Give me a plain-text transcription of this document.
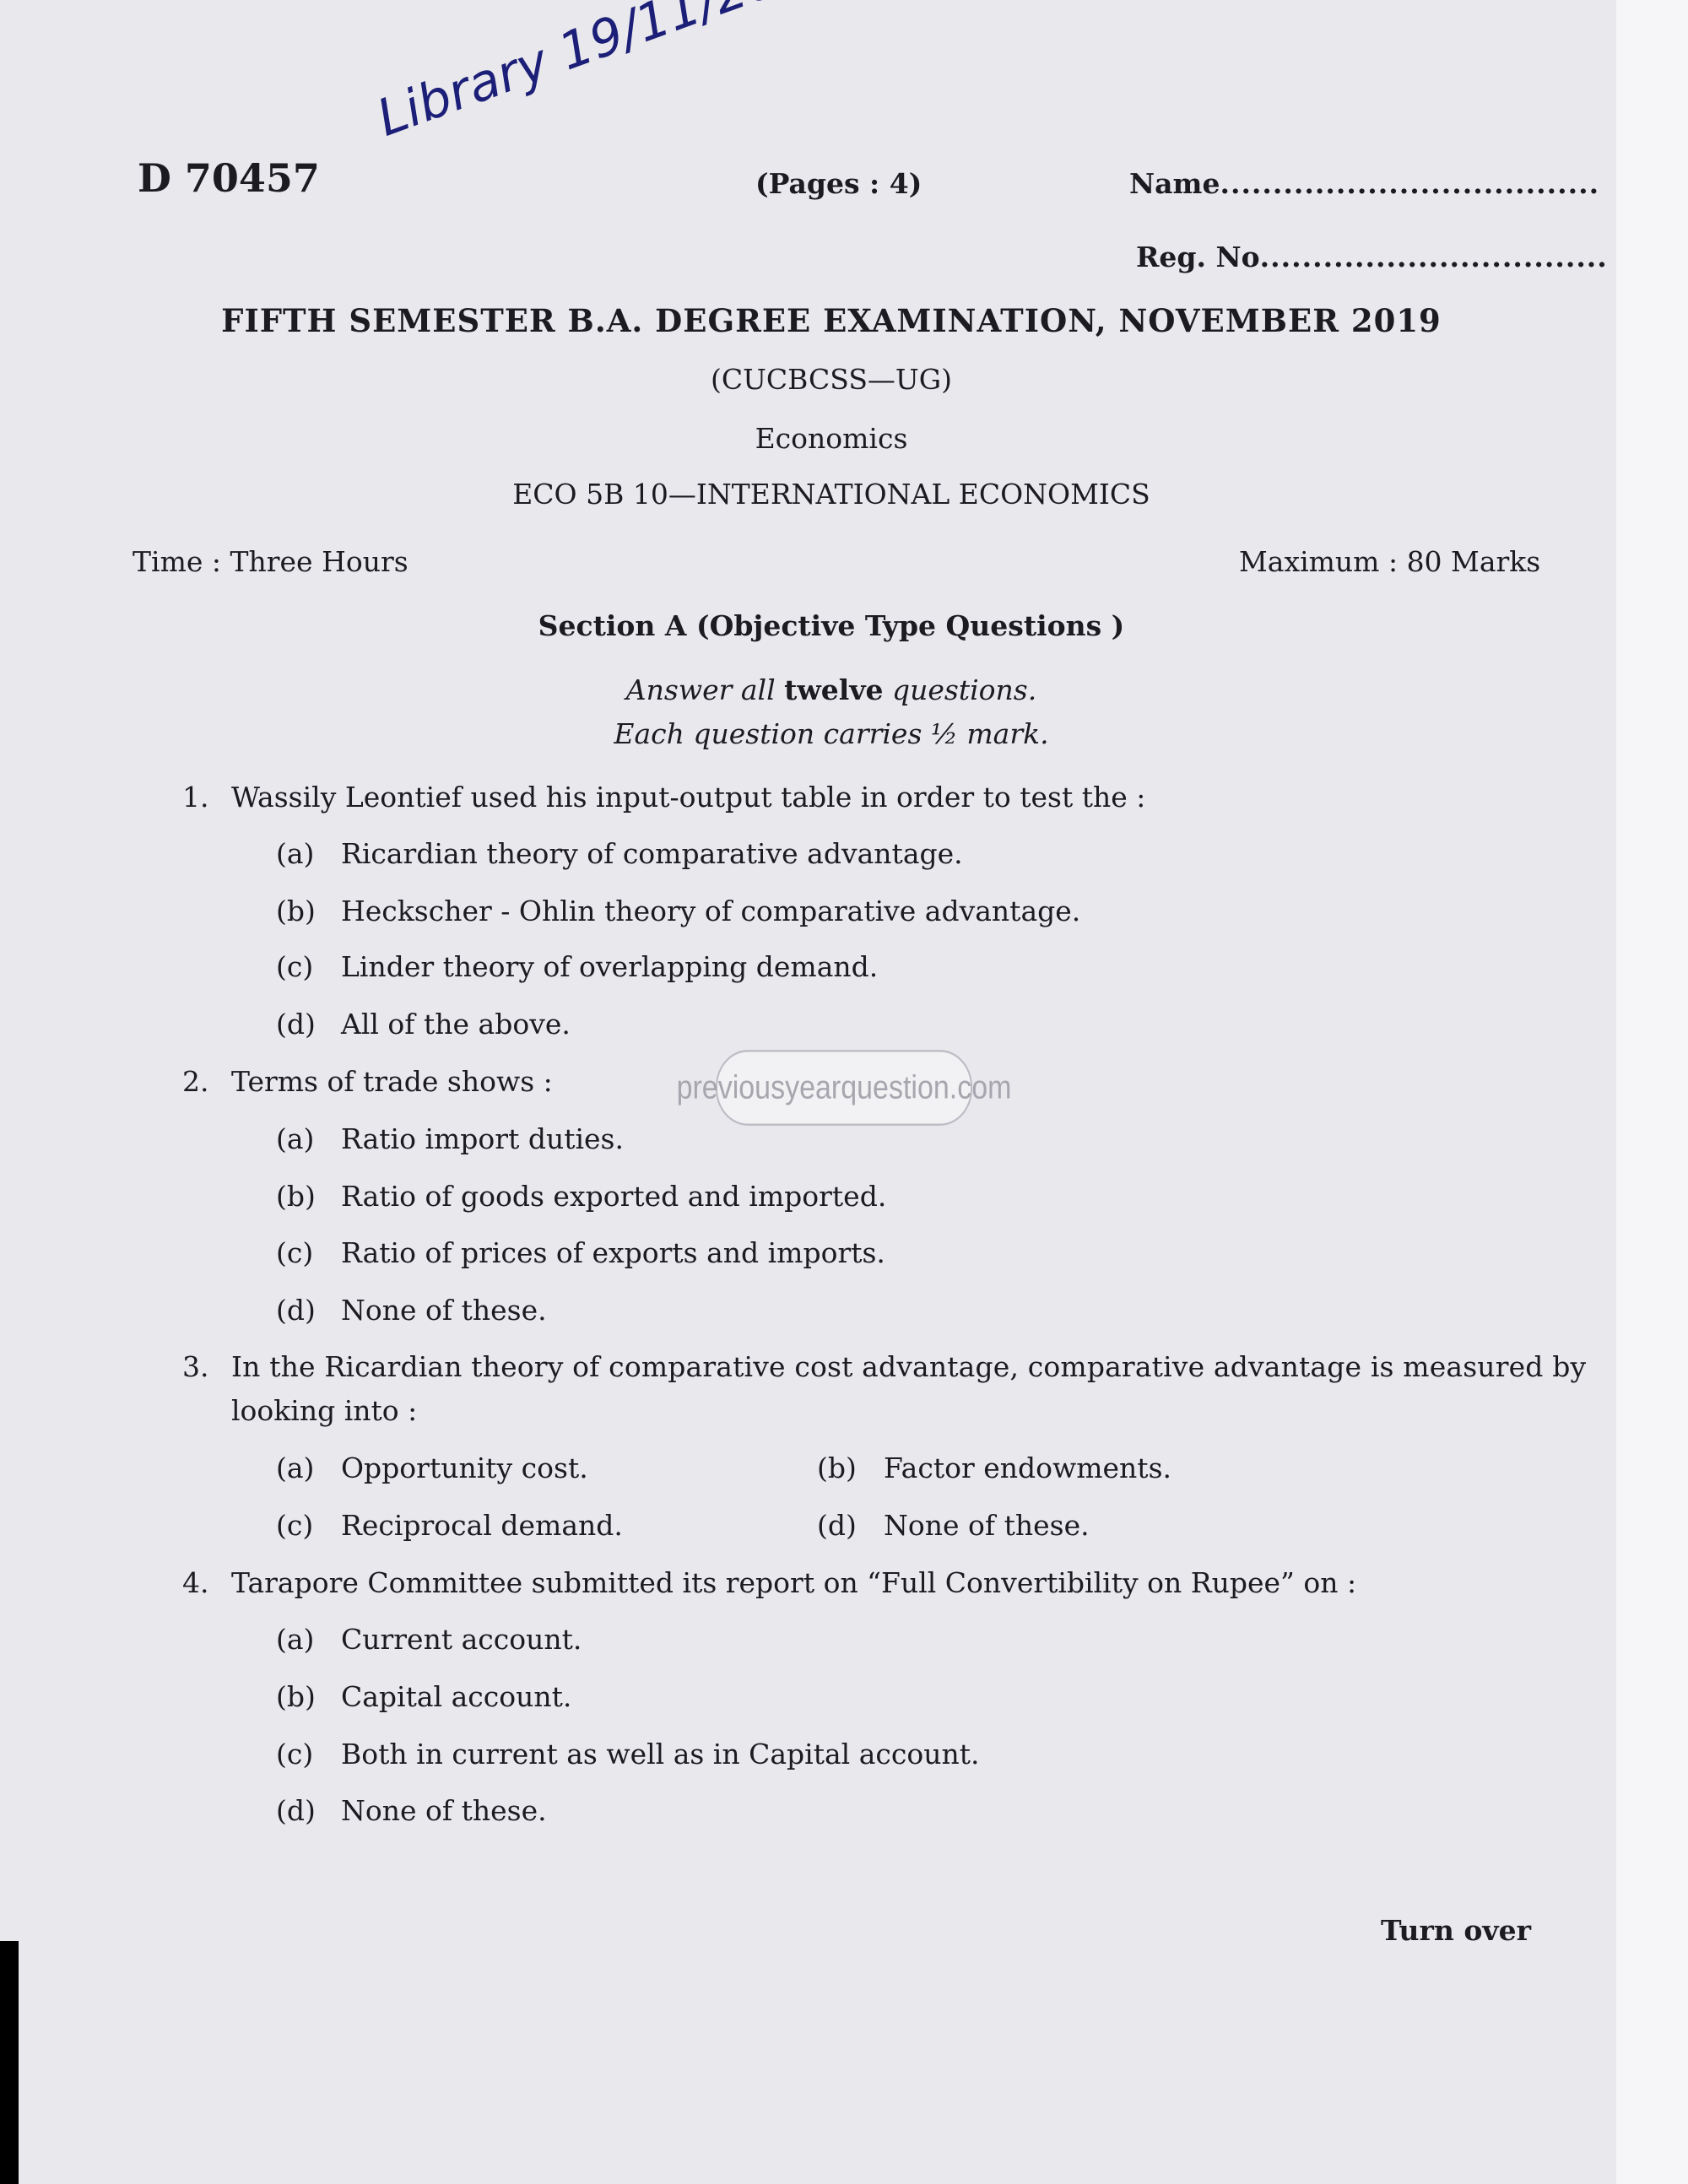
D 70457	(Pages : 4)	Name....................................
Reg. No.................................
FIFTH SEMESTER B.A. DEGREE EXAMINATION, NOVEMBER 2019
(CUCBCSS—UG)
Economics
ECO 5B 10—INTERNATIONAL ECONOMICS
Time : Three Hours	Maximum : 80 Marks
Section A (Objective Type Questions )
Answer all twelve questions.
Each question carries ½ mark.
1. Wassily Leontief used his input-output table in order to test the :
(a) Ricardian theory of comparative advantage.
(b) Heckscher - Ohlin theory of comparative advantage.
(c) Linder theory of overlapping demand.
(d) All of the above.
2. Terms of trade shows :	previousyearquestion.com
(a) Ratio import duties.
(b) Ratio of goods exported and imported.
(c) Ratio of prices of exports and imports.
(d) None of these.
3. In the Ricardian theory of comparative cost advantage, comparative advantage is measured by
looking into :
(a) Opportunity cost.	(b) Factor endowments.
(c) Reciprocal demand.	(d) None of these.
4. Tarapore Committee submitted its report on “Full Convertibility on Rupee” on :
(a) Current account.
(b) Capital account.
(c) Both in current as well as in Capital account.
(d) None of these.
Turn over
